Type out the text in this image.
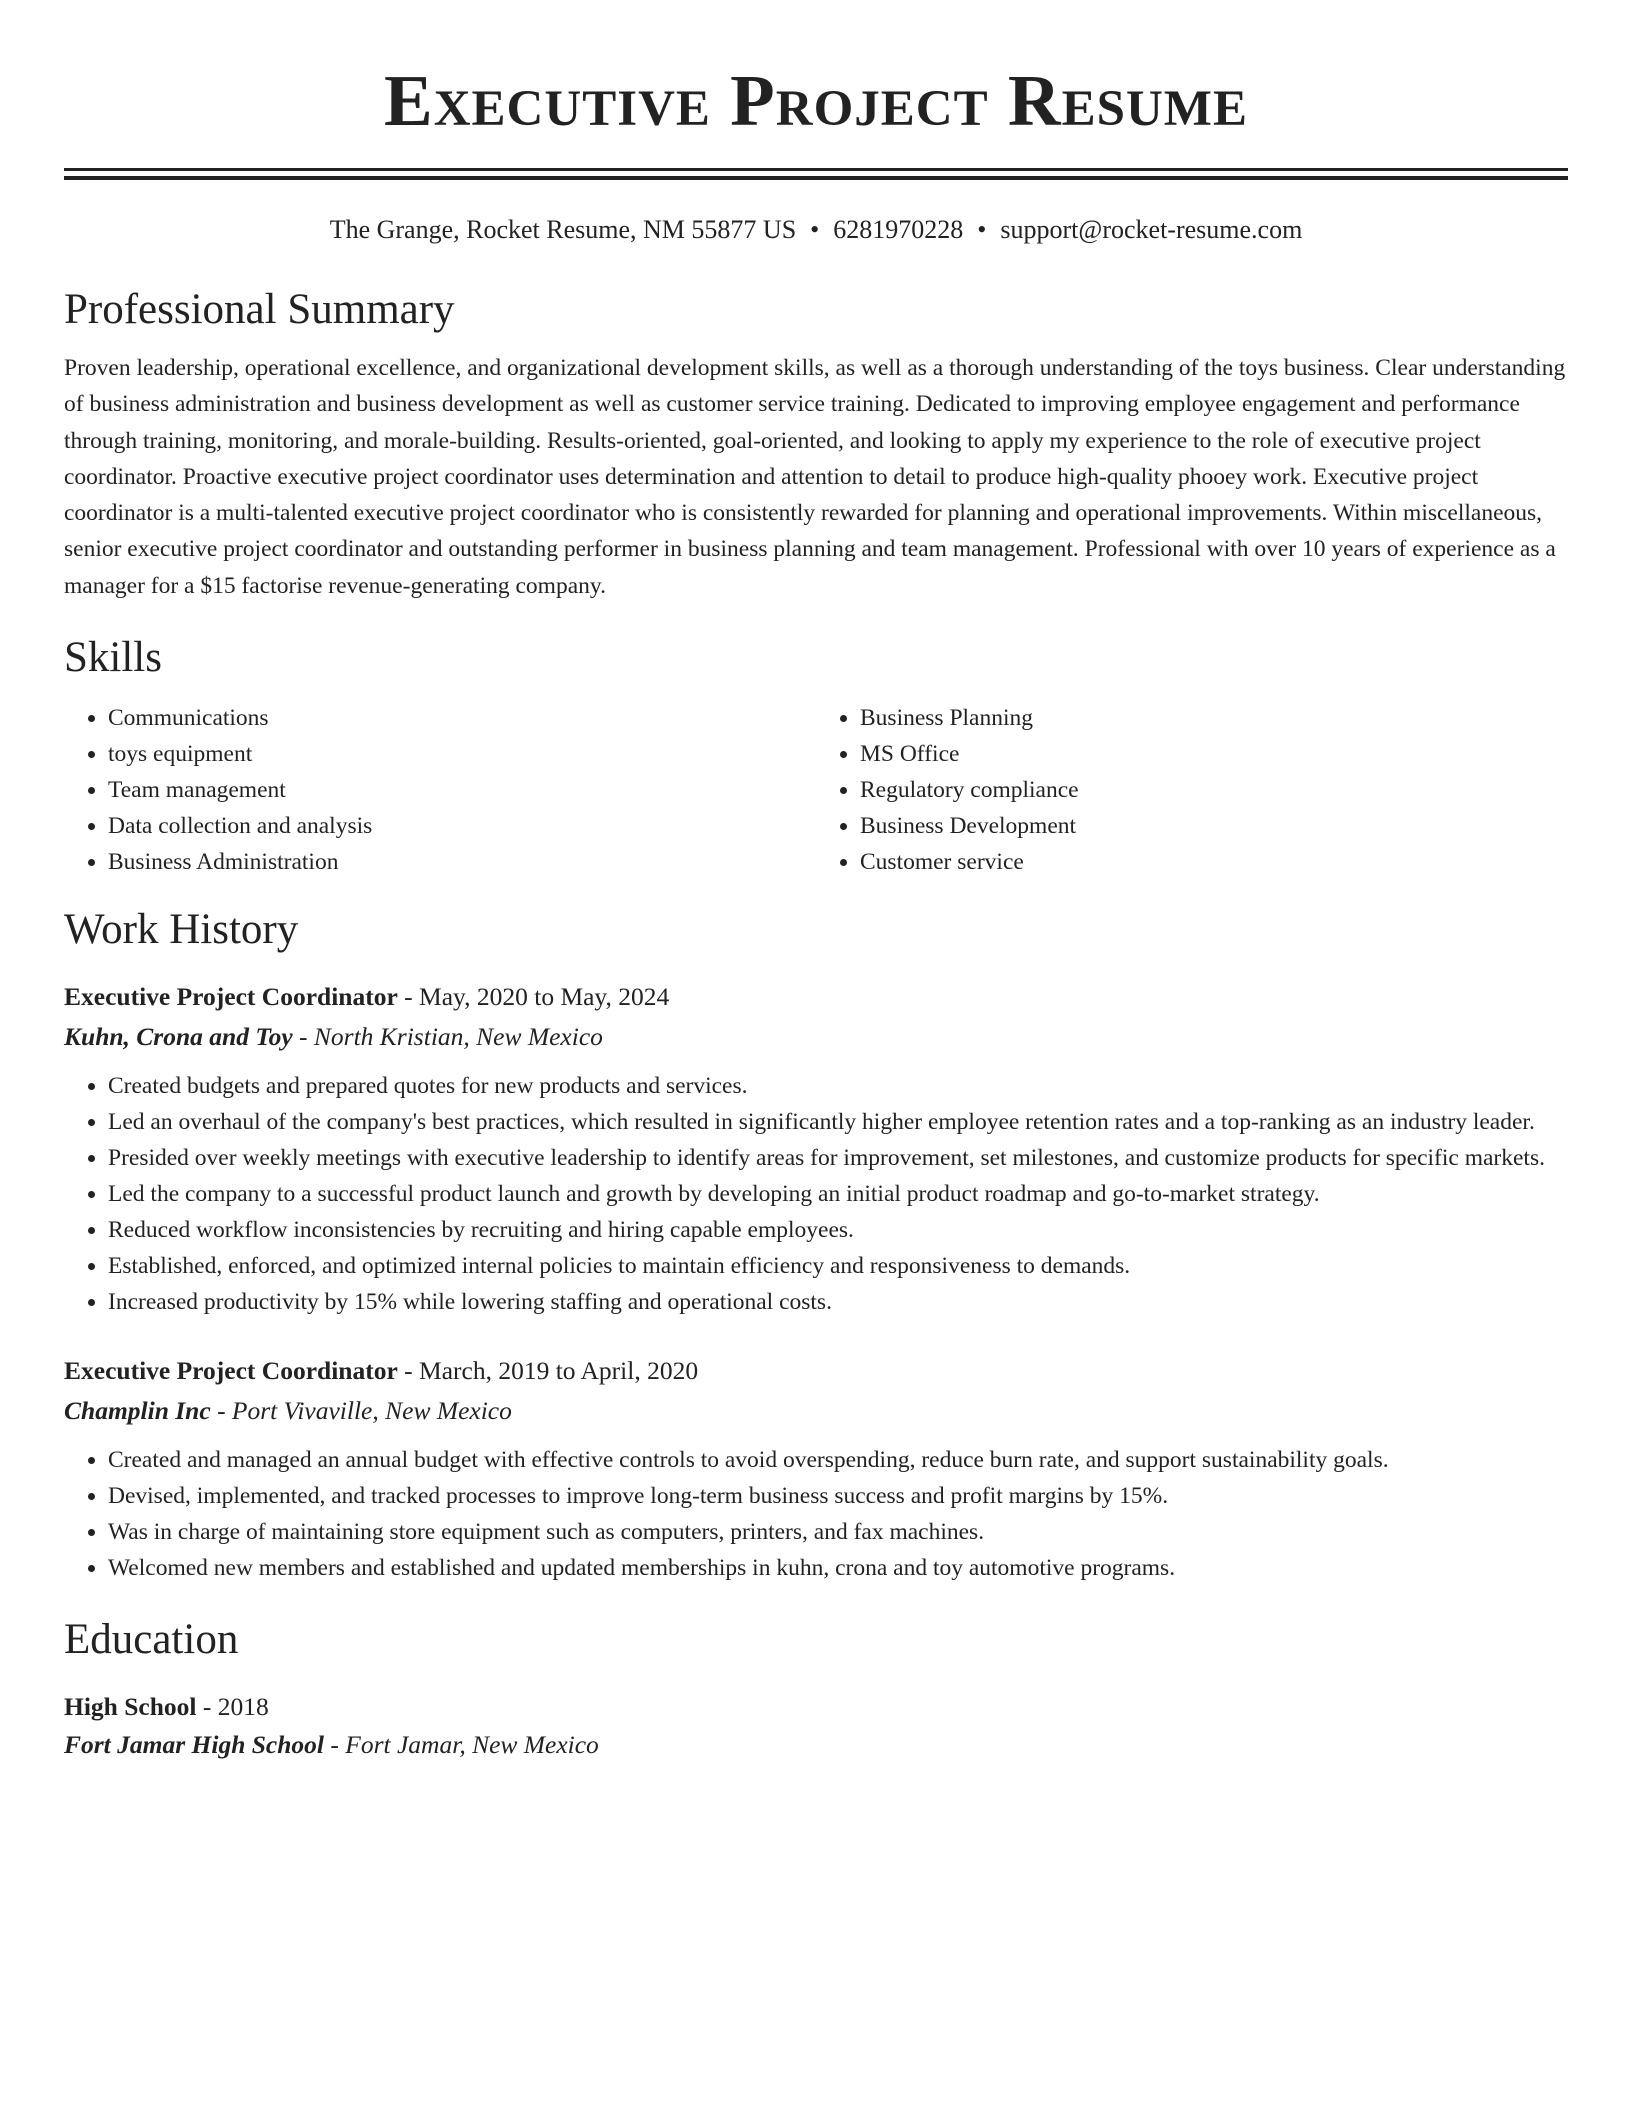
Executive Project Resume
The Grange, Rocket Resume, NM 55877 US • 6281970228 • support@rocket-resume.com
Professional Summary

Proven leadership, operational excellence, and organizational development skills, as well as a thorough understanding of the toys business. Clear understanding of business administration and business development as well as customer service training. Dedicated to improving employee engagement and performance through training, monitoring, and morale-building. Results-oriented, goal-oriented, and looking to apply my experience to the role of executive project coordinator. Proactive executive project coordinator uses determination and attention to detail to produce high-quality phooey work. Executive project coordinator is a multi-talented executive project coordinator who is consistently rewarded for planning and operational improvements. Within miscellaneous, senior executive project coordinator and outstanding performer in business planning and team management. Professional with over 10 years of experience as a manager for a $15 factorise revenue-generating company.

Skills
• Communications
• toys equipment
• Team management
• Data collection and analysis
• Business Administration
• Business Planning
• MS Office
• Regulatory compliance
• Business Development
• Customer service
Work History
Executive Project Coordinator - May, 2020 to May, 2024
Kuhn, Crona and Toy - North Kristian, New Mexico
• Created budgets and prepared quotes for new products and services.
• Led an overhaul of the company's best practices, which resulted in significantly higher employee retention rates and a top-ranking as an industry leader.
• Presided over weekly meetings with executive leadership to identify areas for improvement, set milestones, and customize products for specific markets.
• Led the company to a successful product launch and growth by developing an initial product roadmap and go-to-market strategy.
• Reduced workflow inconsistencies by recruiting and hiring capable employees.
• Established, enforced, and optimized internal policies to maintain efficiency and responsiveness to demands.
• Increased productivity by 15% while lowering staffing and operational costs.
Executive Project Coordinator - March, 2019 to April, 2020
Champlin Inc - Port Vivaville, New Mexico
• Created and managed an annual budget with effective controls to avoid overspending, reduce burn rate, and support sustainability goals.
• Devised, implemented, and tracked processes to improve long-term business success and profit margins by 15%.
• Was in charge of maintaining store equipment such as computers, printers, and fax machines.
• Welcomed new members and established and updated memberships in kuhn, crona and toy automotive programs.
Education
High School - 2018
Fort Jamar High School - Fort Jamar, New Mexico
